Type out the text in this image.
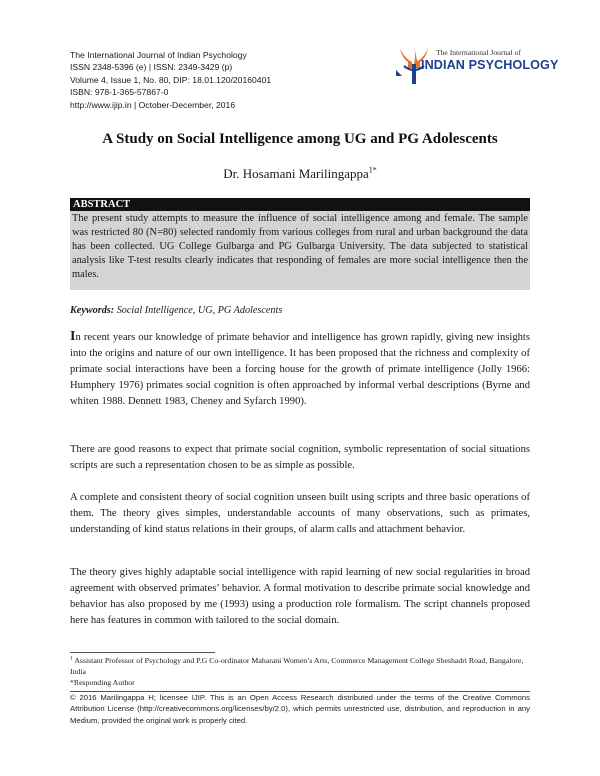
The International Journal of Indian Psychology
ISSN 2348-5396 (e) | ISSN: 2349-3429 (p)
Volume 4, Issue 1, No. 80, DIP: 18.01.120/20160401
ISBN: 978-1-365-57867-0
http://www.ijip.in | October-December, 2016
The International Journal of
INDIAN PSYCHOLOGY
A Study on Social Intelligence among UG and PG Adolescents
Dr. Hosamani Marilingappa$^{1*}$
ABSTRACT
The present study attempts to measure the influence of social intelligence among and female. The sample was restricted 80 (N=80) selected randomly from various colleges from rural and urban background the data has been collected. UG College Gulbarga and PG Gulbarga University. The data subjected to statistical analysis like T-test results clearly indicates that responding of females are more social intelligence then the males.
Keywords: Social Intelligence, UG, PG Adolescents
In recent years our knowledge of primate behavior and intelligence has grown rapidly, giving new insights into the origins and nature of our own intelligence. It has been proposed that the richness and complexity of primate social interactions have been a forcing house for the growth of primate intelligence (Jolly 1966: Humphery 1976) primates social cognition is often approached by informal verbal descriptions (Byrne and whiten 1988. Dennett 1983, Cheney and Syfarch 1990).
There are good reasons to expect that primate social cognition, symbolic representation of social situations scripts are such a representation chosen to be as simple as possible.
A complete and consistent theory of social cognition unseen built using scripts and three basic operations of them. The theory gives simples, understandable accounts of many observations, such as primates, understanding of kind status relations in their groups, of alarm calls and attachment behavior.
The theory gives highly adaptable social intelligence with rapid learning of new social regularities in broad agreement with observed primates’ behavior. A formal motivation to describe primate social knowledge and behavior has also proposed by me (1993) using a production role formalism. The script channels proposed here has features in common with tailored to the social domain.
$^1$ Assistant Professor of Psychology and P.G Co-ordinator Maharani Women’s Arts, Commerce Management College Sheshadri Road, Bangalore, India
*Responding Author
© 2016 Marilingappa H; licensee IJIP. This is an Open Access Research distributed under the terms of the Creative Commons Attribution License (http://creativecommons.org/licenses/by/2.0), which permits unrestricted use, distribution, and reproduction in any Medium, provided the original work is properly cited.
